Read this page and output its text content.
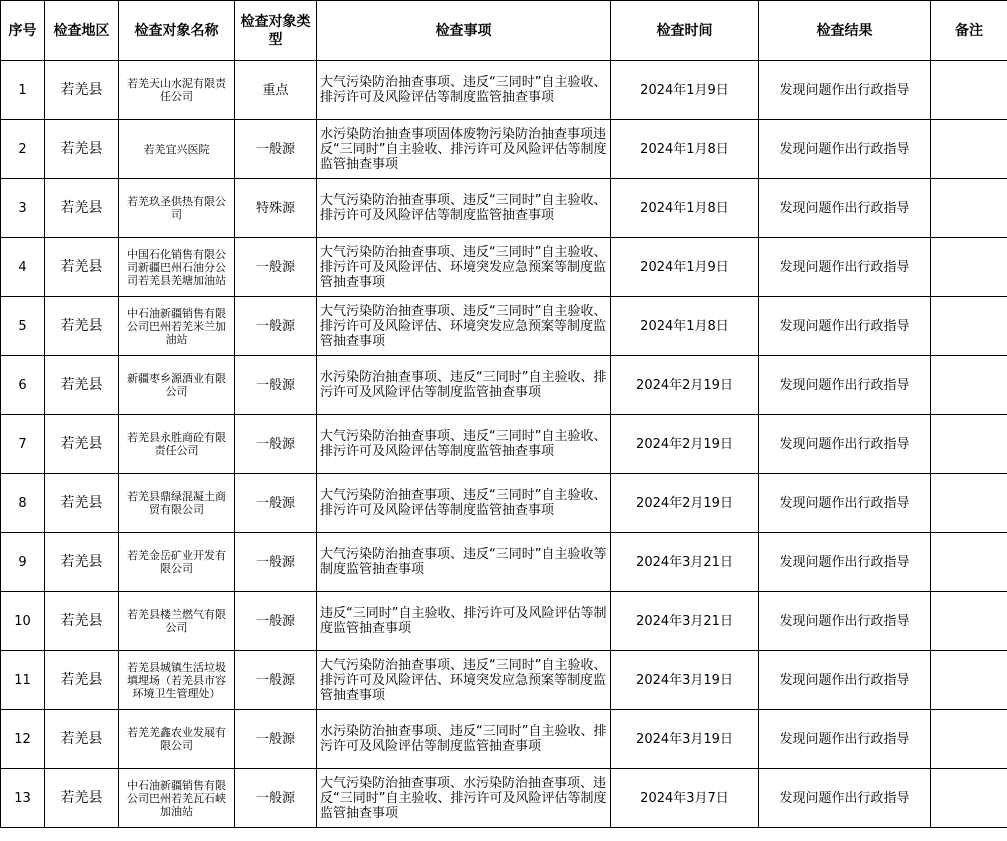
序号	检查地区	检查对象名称	检查对象类型	检查事项	检查时间	检查结果	备注
1	若羌县	若羌天山水泥有限责任公司	重点	大气污染防治抽查事项、违反“三同时”自主验收、排污许可及风险评估等制度监管抽查事项	2024年1月9日	发现问题作出行政指导	
2	若羌县	若羌宜兴医院	一般源	水污染防治抽查事项固体废物污染防治抽查事项违反“三同时”自主验收、排污许可及风险评估等制度监管抽查事项	2024年1月8日	发现问题作出行政指导	
3	若羌县	若羌玖圣供热有限公司	特殊源	大气污染防治抽查事项、违反“三同时”自主验收、排污许可及风险评估等制度监管抽查事项	2024年1月8日	发现问题作出行政指导	
4	若羌县	中国石化销售有限公司新疆巴州石油分公司若羌县羌塘加油站	一般源	大气污染防治抽查事项、违反“三同时”自主验收、排污许可及风险评估、环境突发应急预案等制度监管抽查事项	2024年1月9日	发现问题作出行政指导	
5	若羌县	中石油新疆销售有限公司巴州若羌米兰加油站	一般源	大气污染防治抽查事项、违反“三同时”自主验收、排污许可及风险评估、环境突发应急预案等制度监管抽查事项	2024年1月8日	发现问题作出行政指导	
6	若羌县	新疆枣乡源酒业有限公司	一般源	水污染防治抽查事项、违反“三同时”自主验收、排污许可及风险评估等制度监管抽查事项	2024年2月19日	发现问题作出行政指导	
7	若羌县	若羌县永胜商砼有限责任公司	一般源	大气污染防治抽查事项、违反“三同时”自主验收、排污许可及风险评估等制度监管抽查事项	2024年2月19日	发现问题作出行政指导	
8	若羌县	若羌县鼎绿混凝土商贸有限公司	一般源	大气污染防治抽查事项、违反“三同时”自主验收、排污许可及风险评估等制度监管抽查事项	2024年2月19日	发现问题作出行政指导	
9	若羌县	若羌金岳矿业开发有限公司	一般源	大气污染防治抽查事项、违反“三同时”自主验收等制度监管抽查事项	2024年3月21日	发现问题作出行政指导	
10	若羌县	若羌县楼兰燃气有限公司	一般源	违反“三同时”自主验收、排污许可及风险评估等制度监管抽查事项	2024年3月21日	发现问题作出行政指导	
11	若羌县	若羌县城镇生活垃圾填埋场（若羌县市容环境卫生管理处）	一般源	大气污染防治抽查事项、违反“三同时”自主验收、排污许可及风险评估、环境突发应急预案等制度监管抽查事项	2024年3月19日	发现问题作出行政指导	
12	若羌县	若羌羌鑫农业发展有限公司	一般源	水污染防治抽查事项、违反“三同时”自主验收、排污许可及风险评估等制度监管抽查事项	2024年3月19日	发现问题作出行政指导	
13	若羌县	中石油新疆销售有限公司巴州若羌瓦石峡加油站	一般源	大气污染防治抽查事项、水污染防治抽查事项、违反“三同时”自主验收、排污许可及风险评估等制度监管抽查事项	2024年3月7日	发现问题作出行政指导	
